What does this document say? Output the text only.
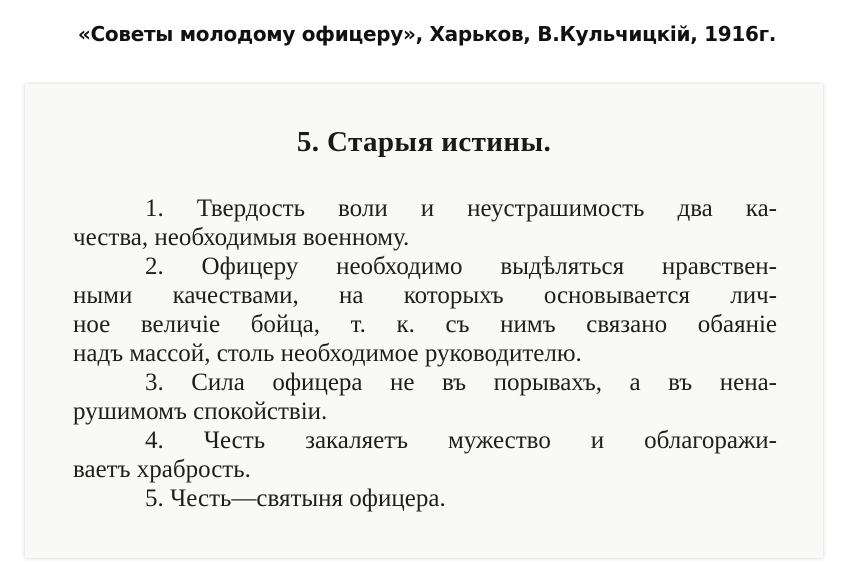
«Советы молодому офицеру», Харьков, В.Кульчицкій, 1916г.
5. Старыя истины.
1. Твердость воли и неустрашимость два ка-
чества, необходимыя военному.
2. Офицеру необходимо выдѣляться нравствен-
ными качествами, на которыхъ основывается лич-
ное величiе бойца, т. к. съ нимъ связано обаянiе
надъ массой, столь необходимое руководителю.
3. Сила офицера не въ порывахъ, а въ нена-
рушимомъ спокойствiи.
4. Честь закаляетъ мужество и облагоражи-
ваетъ храбрость.
5. Честь—святыня офицера.
